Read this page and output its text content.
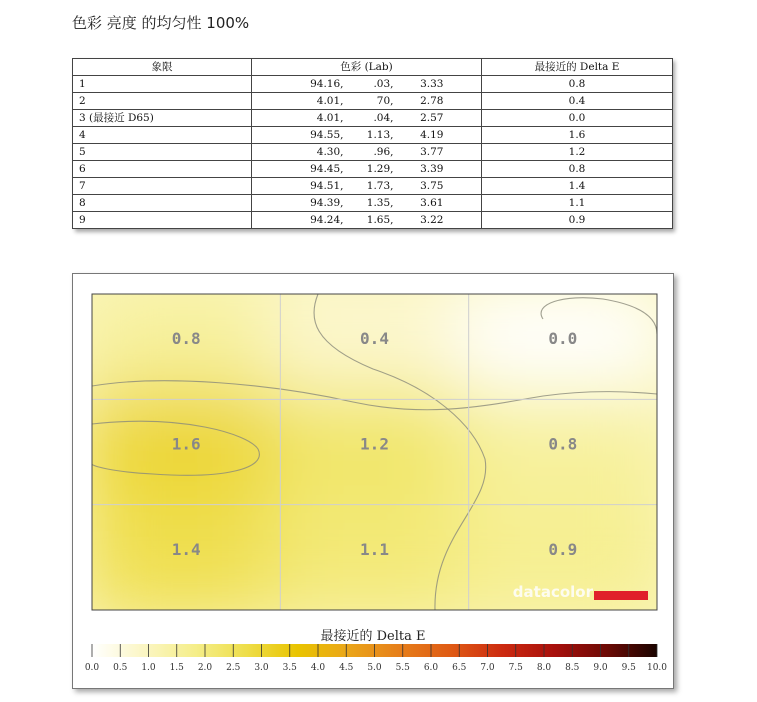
色彩 亮度 的均匀性 100%
象限	色彩 (Lab)	最接近的 Delta E
1	94.16, .03, 3.33	0.8
2	4.01, 70, 2.78	0.4
3 (最接近 D65)	4.01, .04, 2.57	0.0
4	94.55, 1.13, 4.19	1.6
5	4.30, .96, 3.77	1.2
6	94.45, 1.29, 3.39	0.8
7	94.51, 1.73, 3.75	1.4
8	94.39, 1.35, 3.61	1.1
9	94.24, 1.65, 3.22	0.9
0.8	0.4	0.0
1.6	1.2	0.8
1.4	1.1	0.9
datacolor
0.0 0.5 1.0 1.5 2.0 2.5 3.0 3.5 4.0 4.5 5.0 5.5 6.0 6.5 7.0 7.5 8.0 8.5 9.0 9.5 10.0
最接近的 Delta E
